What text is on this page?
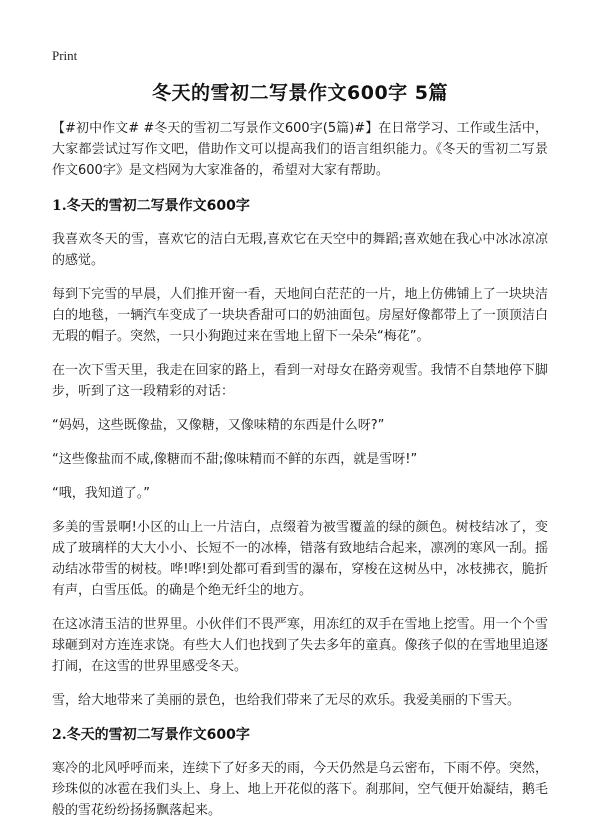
Print
冬天的雪初二写景作文600字 5篇

【#初中作文# #冬天的雪初二写景作文600字(5篇)#】在日常学习、工作或生活中，大家都尝试过写作文吧，借助作文可以提高我们的语言组织能力。《冬天的雪初二写景作文600字》是文档网为大家准备的，希望对大家有帮助。

1.冬天的雪初二写景作文600字

我喜欢冬天的雪，喜欢它的洁白无瑕,喜欢它在天空中的舞蹈;喜欢她在我心中冰冰凉凉的感觉。

每到下完雪的早晨，人们推开窗一看，天地间白茫茫的一片，地上仿佛铺上了一块块洁白的地毯，一辆汽车变成了一块块香甜可口的奶油面包。房屋好像都带上了一顶顶洁白无瑕的帽子。突然，一只小狗跑过来在雪地上留下一朵朵“梅花”。

在一次下雪天里，我走在回家的路上，看到一对母女在路旁观雪。我情不自禁地停下脚步，听到了这一段精彩的对话：

“妈妈，这些既像盐，又像糖，又像味精的东西是什么呀?”

“这些像盐而不咸,像糖而不甜;像味精而不鲜的东西，就是雪呀!”

“哦，我知道了。”

多美的雪景啊!小区的山上一片洁白，点缀着为被雪覆盖的绿的颜色。树枝结冰了，变成了玻璃样的大大小小、长短不一的冰棒，错落有致地结合起来，凛冽的寒风一刮。摇动结冰带雪的树枝。哗!哗!到处都可看到雪的瀑布，穿梭在这树丛中，冰枝拂衣，脆折有声，白雪压低。的确是个绝无纤尘的地方。

在这冰清玉洁的世界里。小伙伴们不畏严寒，用冻红的双手在雪地上挖雪。用一个个雪球砸到对方连连求饶。有些大人们也找到了失去多年的童真。像孩子似的在雪地里追逐打闹，在这雪的世界里感受冬天。

雪，给大地带来了美丽的景色，也给我们带来了无尽的欢乐。我爱美丽的下雪天。

2.冬天的雪初二写景作文600字

寒冷的北风呼呼而来，连续下了好多天的雨，今天仍然是乌云密布，下雨不停。突然，珍珠似的冰雹在我们头上、身上、地上开花似的落下。刹那间，空气便开始凝结，鹅毛般的雪花纷纷扬扬飘落起来。
